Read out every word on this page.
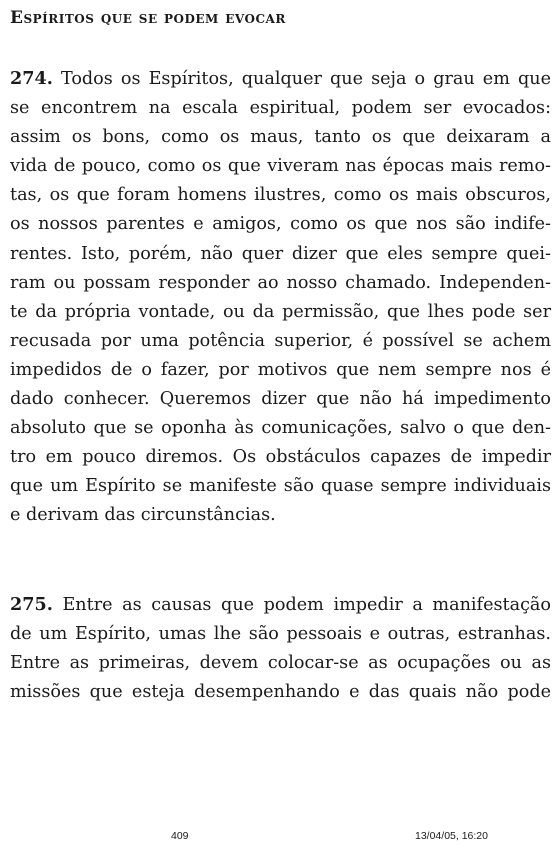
Espíritos que se podem evocar
274. Todos os Espíritos, qualquer que seja o grau em que
se encontrem na escala espiritual, podem ser evocados:
assim os bons, como os maus, tanto os que deixaram a
vida de pouco, como os que viveram nas épocas mais remo-
tas, os que foram homens ilustres, como os mais obscuros,
os nossos parentes e amigos, como os que nos são indife-
rentes. Isto, porém, não quer dizer que eles sempre quei-
ram ou possam responder ao nosso chamado. Independen-
te da própria vontade, ou da permissão, que lhes pode ser
recusada por uma potência superior, é possível se achem
impedidos de o fazer, por motivos que nem sempre nos é
dado conhecer. Queremos dizer que não há impedimento
absoluto que se oponha às comunicações, salvo o que den-
tro em pouco diremos. Os obstáculos capazes de impedir
que um Espírito se manifeste são quase sempre individuais
e derivam das circunstâncias.
275. Entre as causas que podem impedir a manifestação
de um Espírito, umas lhe são pessoais e outras, estranhas.
Entre as primeiras, devem colocar-se as ocupações ou as
missões que esteja desempenhando e das quais não pode
409	13/04/05, 16:20
